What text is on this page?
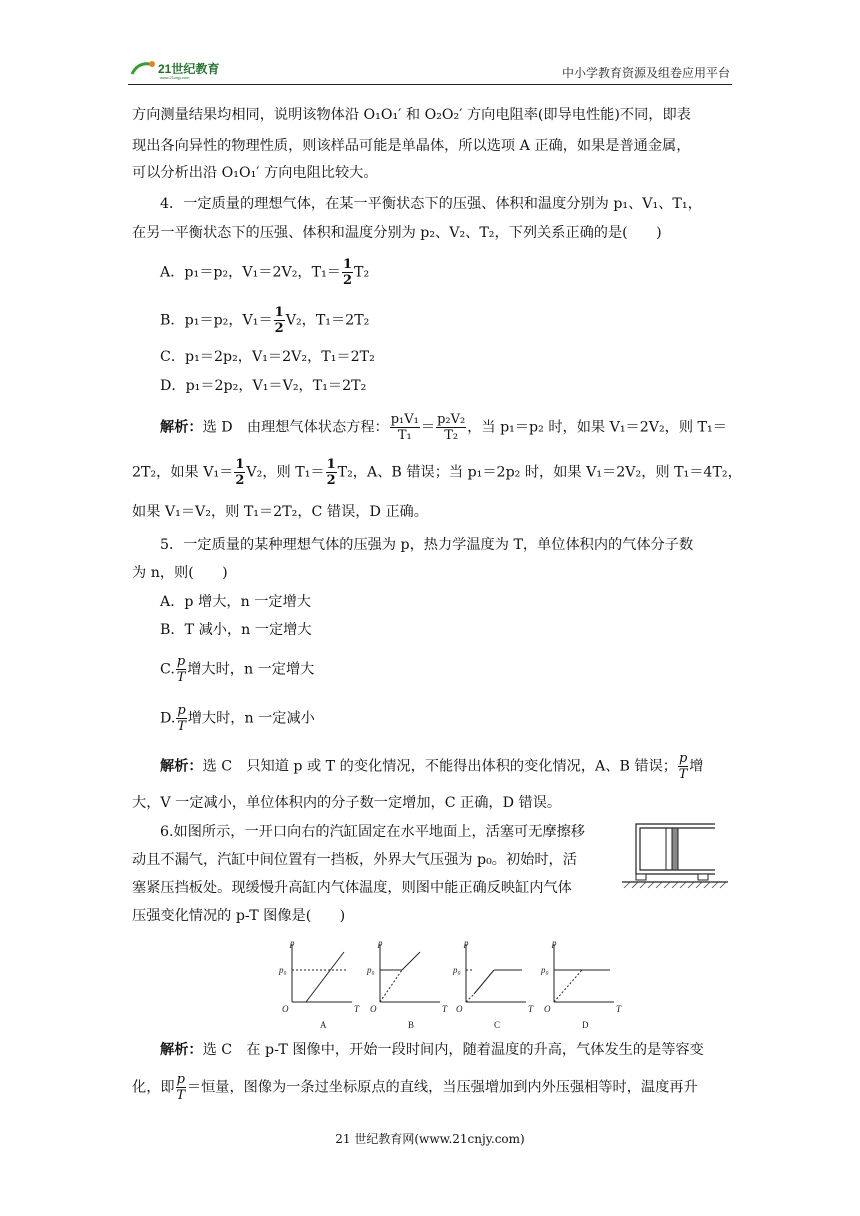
21世纪教育
www.21cnjy.com	中小学教育资源及组卷应用平台
方向测量结果均相同，说明该物体沿 O₁O₁′ 和 O₂O₂′ 方向电阻率(即导电性能)不同，即表
现出各向异性的物理性质，则该样品可能是单晶体，所以选项 A 正确，如果是普通金属，
可以分析出沿 O₁O₁′ 方向电阻比较大。
4．一定质量的理想气体，在某一平衡状态下的压强、体积和温度分别为 p₁、V₁、T₁，
在另一平衡状态下的压强、体积和温度分别为 p₂、V₂、T₂，下列关系正确的是(　　)
A．p₁＝p₂，V₁＝2V₂，$T_1= \frac{1}{2} T_2$
B．p₁＝p₂，$V_1= \frac{1}{2} V_2$，T₁＝2T₂
C．p₁＝2p₂，V₁＝2V₂，T₁＝2T₂
D．p₁＝2p₂，V₁＝V₂，T₁＝2T₂
解析：选 D　由理想气体状态方程： $\frac{\text{p₁V₁}}{\text{T₁}} = \frac{\text{p₂V₂}}{\text{T₂}}$ ，当 p₁＝p₂ 时，如果 V₁＝2V₂，则 T₁＝
2T₂，如果 $V_1= \frac{1}{2} V_2$，则 $T_1= \frac{1}{2} T_2$，A、B 错误；当 p₁＝2p₂ 时，如果 V₁＝2V₂，则 T₁＝4T₂，
如果 V₁＝V₂，则 T₁＝2T₂，C 错误，D 正确。
5．一定质量的某种理想气体的压强为 p，热力学温度为 T，单位体积内的气体分子数
为 n，则(　　)
A．p 增大，n 一定增大
B．T 减小，n 一定增大
C. $\frac{p}{T}$ 增大时，n 一定增大
D. $\frac{p}{T}$ 增大时，n 一定减小
解析：选 C　只知道 p 或 T 的变化情况，不能得出体积的变化情况，A、B 错误； $\frac{p}{T}$ 增
大，V 一定减小，单位体积内的分子数一定增加，C 正确，D 错误。
6.如图所示，一开口向右的汽缸固定在水平地面上，活塞可无摩擦移
动且不漏气，汽缸中间位置有一挡板，外界大气压强为 p₀。初始时，活
塞紧压挡板处。现缓慢升高缸内气体温度，则图中能正确反映缸内气体
压强变化情况的 p-T 图像是(　　)
p
T
O
p₀
A
p
T
O
p₀
B
p
T
O
p₀
C
p
T
O
p₀
D
解析：选 C　在 p-T 图像中，开始一段时间内，随着温度的升高，气体发生的是等容变
化，即 $\frac{p}{T}$ ＝恒量，图像为一条过坐标原点的直线，当压强增加到内外压强相等时，温度再升
21 世纪教育网(www.21cnjy.com)
